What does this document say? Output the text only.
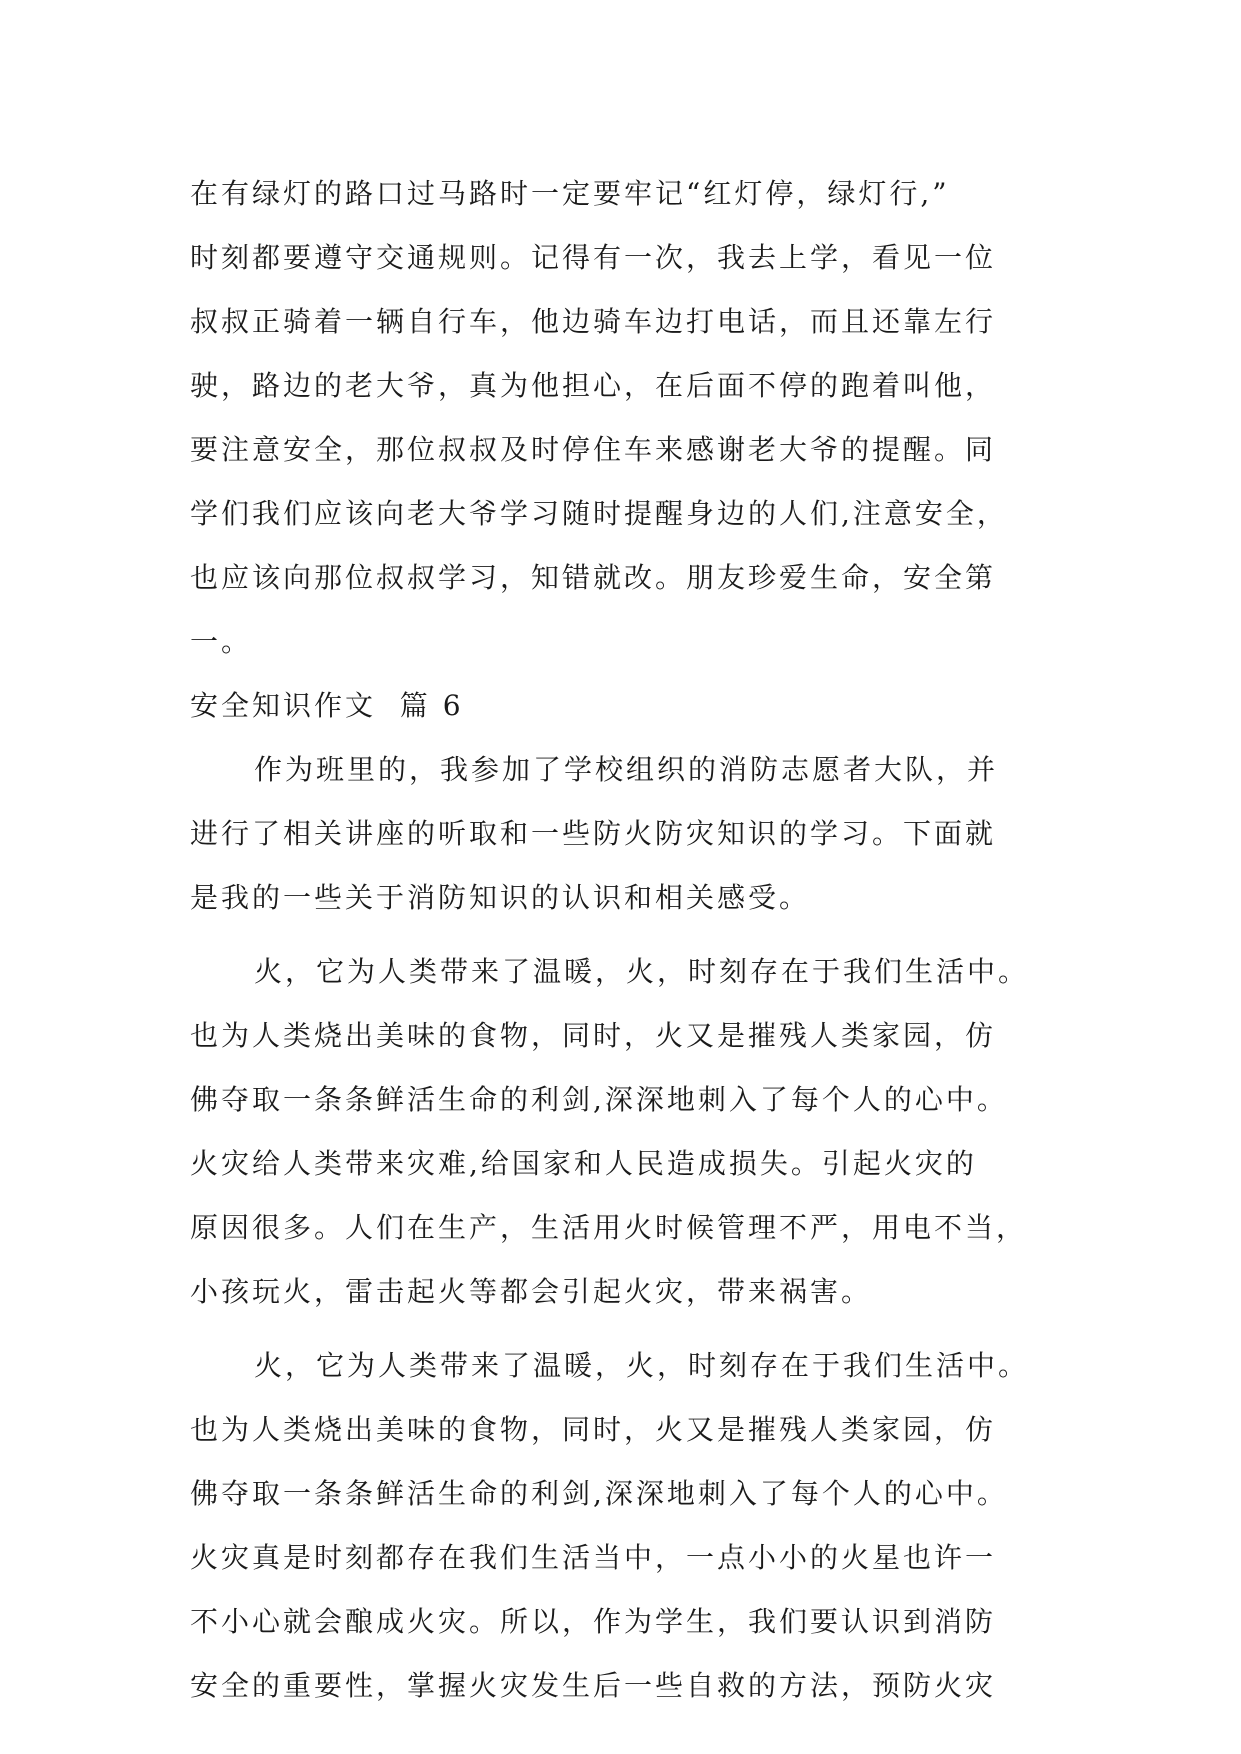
在有绿灯的路口过马路时一定要牢记“红灯停，绿灯行,”
时刻都要遵守交通规则。记得有一次，我去上学，看见一位
叔叔正骑着一辆自行车，他边骑车边打电话，而且还靠左行
驶，路边的老大爷，真为他担心，在后面不停的跑着叫他，
要注意安全，那位叔叔及时停住车来感谢老大爷的提醒。同
学们我们应该向老大爷学习随时提醒身边的人们,注意安全，
也应该向那位叔叔学习，知错就改。朋友珍爱生命，安全第
一。
安全知识作文  篇 6
作为班里的，我参加了学校组织的消防志愿者大队，并
进行了相关讲座的听取和一些防火防灾知识的学习。下面就
是我的一些关于消防知识的认识和相关感受。
火，它为人类带来了温暖，火，时刻存在于我们生活中。
也为人类烧出美味的食物，同时，火又是摧残人类家园，仿
佛夺取一条条鲜活生命的利剑,深深地刺入了每个人的心中。
火灾给人类带来灾难,给国家和人民造成损失。引起火灾的
原因很多。人们在生产，生活用火时候管理不严，用电不当，
小孩玩火，雷击起火等都会引起火灾，带来祸害。
火，它为人类带来了温暖，火，时刻存在于我们生活中。
也为人类烧出美味的食物，同时，火又是摧残人类家园，仿
佛夺取一条条鲜活生命的利剑,深深地刺入了每个人的心中。
火灾真是时刻都存在我们生活当中，一点小小的火星也许一
不小心就会酿成火灾。所以，作为学生，我们要认识到消防
安全的重要性，掌握火灾发生后一些自救的方法，预防火灾
